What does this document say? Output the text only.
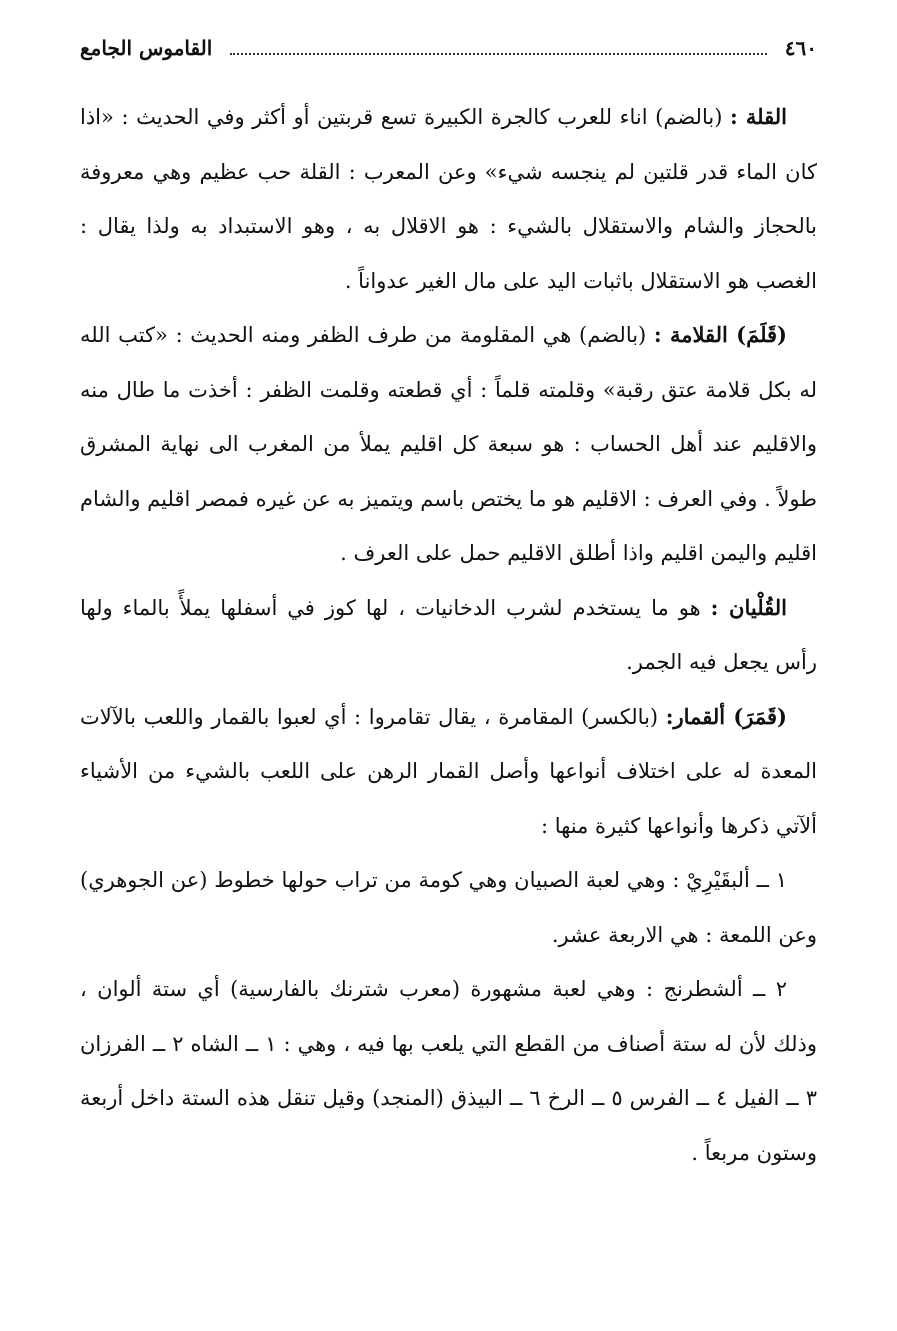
٤٦٠
القاموس الجامع

القلة : (بالضم) اناء للعرب كالجرة الكبيرة تسع قربتين أو أكثر وفي الحديث : «اذا كان الماء قدر قلتين لم ينجسه شيء» وعن المعرب : القلة حب عظيم وهي معروفة بالحجاز والشام والاستقلال بالشيء : هو الاقلال به ، وهو الاستبداد به ولذا يقال : الغصب هو الاستقلال باثبات اليد على مال الغير عدواناً .

(قَلَمَ) القلامة : (بالضم) هي المقلومة من طرف الظفر ومنه الحديث : «كتب الله له بكل قلامة عتق رقبة» وقلمته قلماً : أي قطعته وقلمت الظفر : أخذت ما طال منه والاقليم عند أهل الحساب : هو سبعة كل اقليم يملأ من المغرب الى نهاية المشرق طولاً . وفي العرف : الاقليم هو ما يختص باسم ويتميز به عن غيره فمصر اقليم والشام اقليم واليمن اقليم واذا أطلق الاقليم حمل على العرف .

القُلْيان : هو ما يستخدم لشرب الدخانيات ، لها كوز في أسفلها يملأً بالماء ولها رأس يجعل فيه الجمر.

(قَمَرَ) ألقمار: (بالكسر) المقامرة ، يقال تقامروا : أي لعبوا بالقمار واللعب بالآلات المعدة له على اختلاف أنواعها وأصل القمار الرهن على اللعب بالشيء من الأشياء ألآتي ذكرها وأنواعها كثيرة منها :

١ ــ ألبقَيْرِيْ : وهي لعبة الصبيان وهي كومة من تراب حولها خطوط (عن الجوهري) وعن اللمعة : هي الاربعة عشر.

٢ ــ ألشطرنج : وهي لعبة مشهورة (معرب شترنك بالفارسية) أي ستة ألوان ، وذلك لأن له ستة أصناف من القطع التي يلعب بها فيه ، وهي : ١ ــ الشاه ٢ ــ الفرزان ٣ ــ الفيل ٤ ــ الفرس ٥ ــ الرخ ٦ ــ البيذق (المنجد) وقيل تنقل هذه الستة داخل أربعة وستون مربعاً .
